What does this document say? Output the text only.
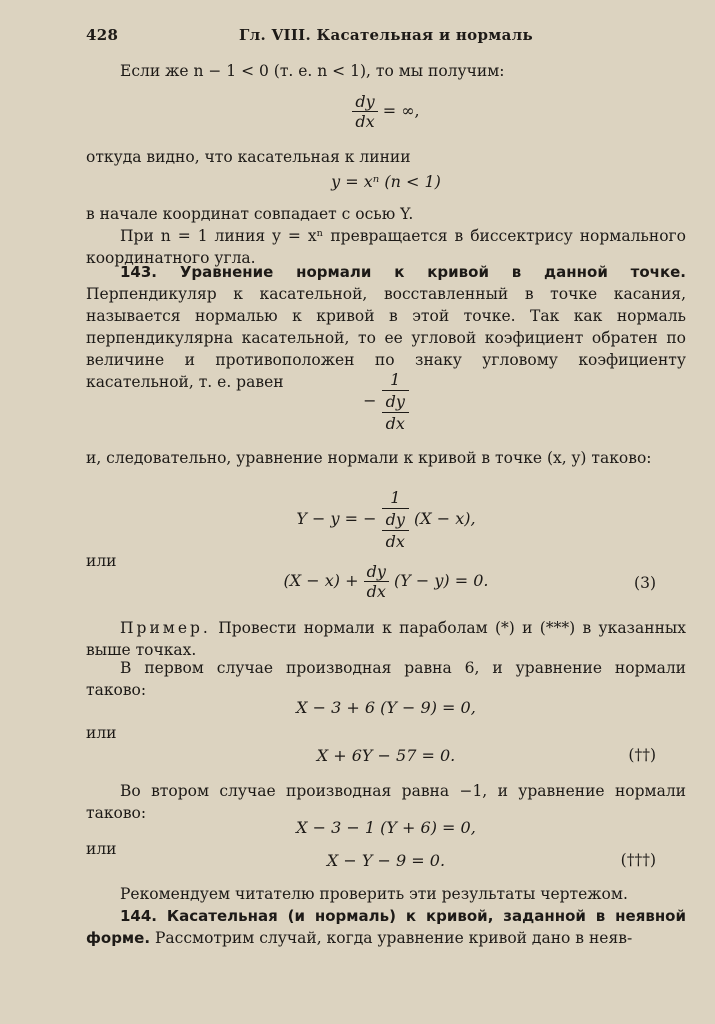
428	Гл. VIII. Касательная и нормаль

Если же n − 1 < 0 (т. е. n < 1), то мы получим:

$\frac{dy}{dx}$ = ∞,

откуда видно, что касательная к линии

y = xⁿ (n < 1)

в начале координат совпадает с осью Y.

При n = 1 линия y = xⁿ превращается в биссектрису нормального координатного угла.

143. Уравнение нормали к кривой в данной точке. Перпендикуляр к касательной, восставленный в точке касания, называется нормалью к кривой в этой точке. Так как нормаль перпендикулярна касательной, то ее угловой коэфициент обратен по величине и противоположен по знаку угловому коэфициенту касательной, т. е. равен

− $\frac{1}{\frac{dy}{dx}}$

и, следовательно, уравнение нормали к кривой в точке (x, y) таково:

Y − y = − $\frac{1}{\frac{dy}{dx}} (X - x)$,

или

$(X - x) + \frac{dy}{dx} (Y - y) = 0$.	(3)

Пример. Провести нормали к параболам (*) и (***) в указанных выше точках.

В первом случае производная равна 6, и уравнение нормали таково:

X − 3 + 6 (Y − 9) = 0,

или

X + 6Y − 57 = 0.	(††)

Во втором случае производная равна −1, и уравнение нормали таково:

X − 3 − 1 (Y + 6) = 0,

или

X − Y − 9 = 0.	(†††)

Рекомендуем читателю проверить эти результаты чертежом.

144. Касательная (и нормаль) к кривой, заданной в неявной форме. Рассмотрим случай, когда уравнение кривой дано в неяв-
